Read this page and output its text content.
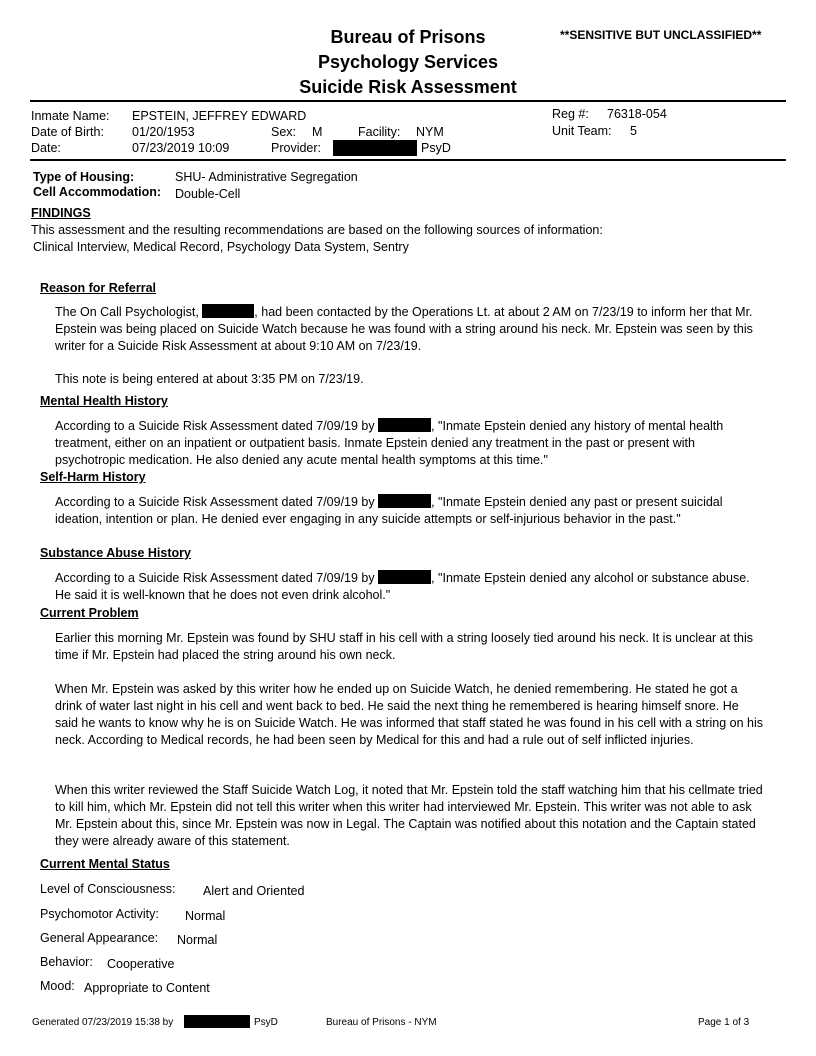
Bureau of Prisons
Psychology Services
Suicide Risk Assessment
**SENSITIVE BUT UNCLASSIFIED**
Inmate Name: EPSTEIN, JEFFREY EDWARD
Date of Birth: 01/20/1953	Sex: M	Facility: NYM
Date:	07/23/2019 10:09	Provider:	PsyD
Reg #: 76318-054
Unit Team: 5
Type of Housing:	SHU- Administrative Segregation
Cell Accommodation: Double-Cell
FINDINGS
This assessment and the resulting recommendations are based on the following sources of information:
Clinical Interview, Medical Record, Psychology Data System, Sentry
Reason for Referral
The On Call Psychologist,	, had been contacted by the Operations Lt. at about 2 AM on 7/23/19 to inform her that Mr. Epstein was being placed on Suicide Watch because he was found with a string around his neck. Mr. Epstein was seen by this writer for a Suicide Risk Assessment at about 9:10 AM on 7/23/19.
This note is being entered at about 3:35 PM on 7/23/19.
Mental Health History
According to a Suicide Risk Assessment dated 7/09/19 by	, "Inmate Epstein denied any history of mental health treatment, either on an inpatient or outpatient basis. Inmate Epstein denied any treatment in the past or present with psychotropic medication. He also denied any acute mental health symptoms at this time."
Self-Harm History
According to a Suicide Risk Assessment dated 7/09/19 by	, "Inmate Epstein denied any past or present suicidal ideation, intention or plan. He denied ever engaging in any suicide attempts or self-injurious behavior in the past."
Substance Abuse History
According to a Suicide Risk Assessment dated 7/09/19 by	, "Inmate Epstein denied any alcohol or substance abuse. He said it is well-known that he does not even drink alcohol."
Current Problem
Earlier this morning Mr. Epstein was found by SHU staff in his cell with a string loosely tied around his neck. It is unclear at this time if Mr. Epstein had placed the string around his own neck.
When Mr. Epstein was asked by this writer how he ended up on Suicide Watch, he denied remembering. He stated he got a drink of water last night in his cell and went back to bed. He said the next thing he remembered is hearing himself snore. He said he wants to know why he is on Suicide Watch. He was informed that staff stated he was found in his cell with a string on his neck. According to Medical records, he had been seen by Medical for this and had a rule out of self inflicted injuries.
When this writer reviewed the Staff Suicide Watch Log, it noted that Mr. Epstein told the staff watching him that his cellmate tried to kill him, which Mr. Epstein did not tell this writer when this writer had interviewed Mr. Epstein. This writer was not able to ask Mr. Epstein about this, since Mr. Epstein was now in Legal. The Captain was notified about this notation and the Captain stated they were already aware of this statement.
Current Mental Status
Level of Consciousness: Alert and Oriented
Psychomotor Activity: Normal
General Appearance: Normal
Behavior: Cooperative
Mood: Appropriate to Content
Generated 07/23/2019 15:38 by	PsyD	Bureau of Prisons - NYM	Page 1 of 3
